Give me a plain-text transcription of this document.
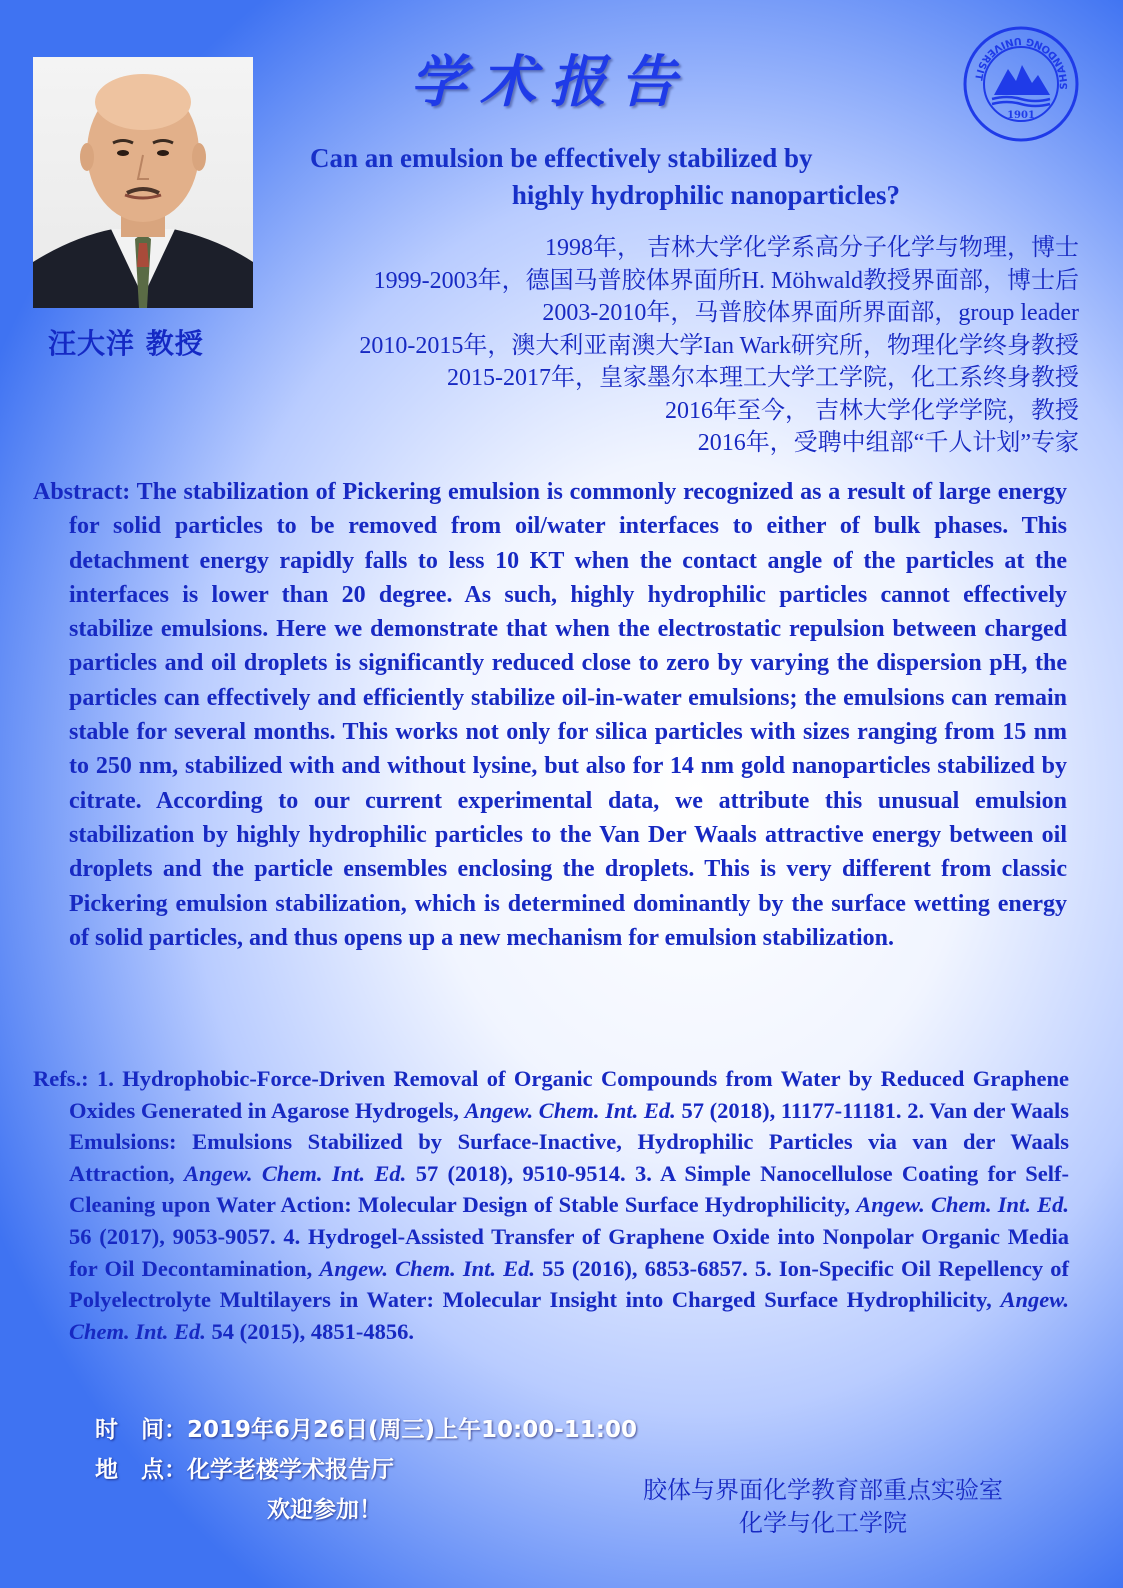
汪大洋 教授
学术报告	SHANDONG UNIVERSIT
1901
Can an emulsion be effectively stabilized by
highly hydrophilic nanoparticles?
1998年， 吉林大学化学系高分子化学与物理，博士
1999-2003年，德国马普胶体界面所H. Möhwald教授界面部，博士后
2003-2010年，马普胶体界面所界面部，group leader
2010-2015年，澳大利亚南澳大学Ian Wark研究所，物理化学终身教授
2015-2017年，皇家墨尔本理工大学工学院，化工系终身教授
2016年至今， 吉林大学化学学院，教授
2016年，受聘中组部“千人计划”专家
Abstract: The stabilization of Pickering emulsion is commonly recognized as a result of large energy for solid particles to be removed from oil/water interfaces to either of bulk phases. This detachment energy rapidly falls to less 10 KT when the contact angle of the particles at the interfaces is lower than 20 degree. As such, highly hydrophilic particles cannot effectively stabilize emulsions. Here we demonstrate that when the electrostatic repulsion between charged particles and oil droplets is significantly reduced close to zero by varying the dispersion pH, the particles can effectively and efficiently stabilize oil-in-water emulsions; the emulsions can remain stable for several months. This works not only for silica particles with sizes ranging from 15 nm to 250 nm, stabilized with and without lysine, but also for 14 nm gold nanoparticles stabilized by citrate. According to our current experimental data, we attribute this unusual emulsion stabilization by highly hydrophilic particles to the Van Der Waals attractive energy between oil droplets and the particle ensembles enclosing the droplets. This is very different from classic Pickering emulsion stabilization, which is determined dominantly by the surface wetting energy of solid particles, and thus opens up a new mechanism for emulsion stabilization.
Refs.: 1. Hydrophobic‑Force‑Driven Removal of Organic Compounds from Water by Reduced Graphene Oxides Generated in Agarose Hydrogels, Angew. Chem. Int. Ed. 57 (2018), 11177-11181. 2. Van der Waals Emulsions: Emulsions Stabilized by Surface-Inactive, Hydrophilic Particles via van der Waals Attraction, Angew. Chem. Int. Ed. 57 (2018), 9510-9514. 3. A Simple Nanocellulose Coating for Self-Cleaning upon Water Action: Molecular Design of Stable Surface Hydrophilicity, Angew. Chem. Int. Ed. 56 (2017), 9053-9057. 4. Hydrogel-Assisted Transfer of Graphene Oxide into Nonpolar Organic Media for Oil Decontamination, Angew. Chem. Int. Ed. 55 (2016), 6853-6857. 5. Ion-Specific Oil Repellency of Polyelectrolyte Multilayers in Water: Molecular Insight into Charged Surface Hydrophilicity, Angew. Chem. Int. Ed. 54 (2015), 4851-4856.
时　间：2019年6月26日(周三)上午10:00-11:00
地　点：化学老楼学术报告厅
欢迎参加！
胶体与界面化学教育部重点实验室
化学与化工学院
